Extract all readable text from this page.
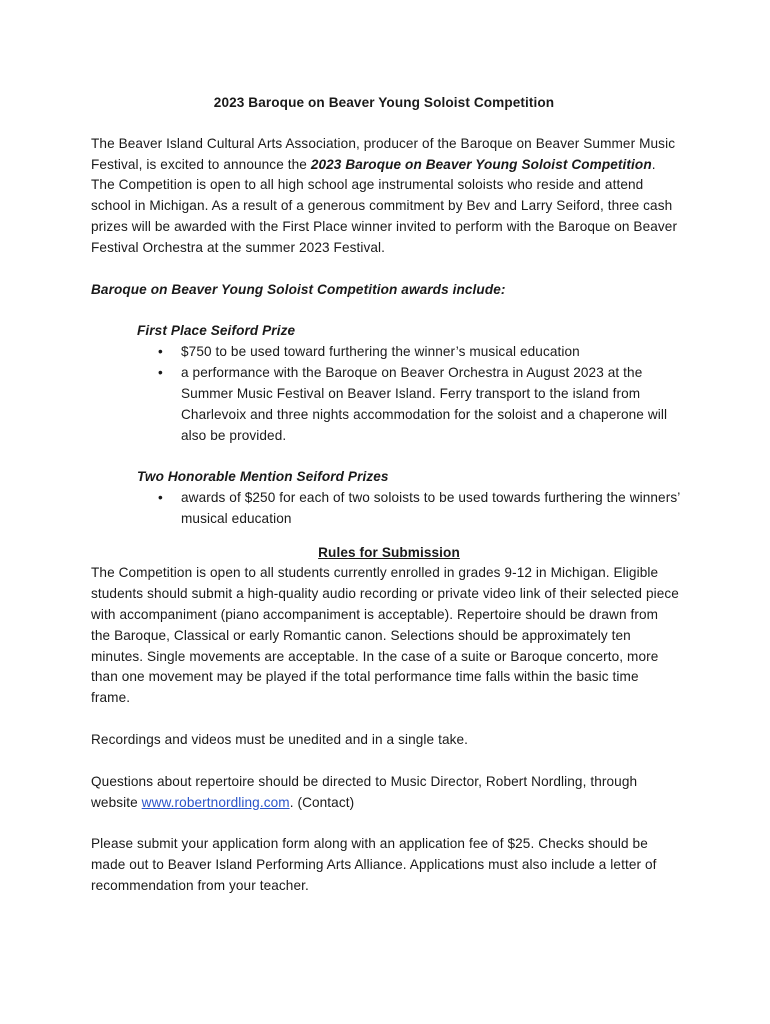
2023 Baroque on Beaver Young Soloist Competition

The Beaver Island Cultural Arts Association, producer of the Baroque on Beaver Summer Music Festival, is excited to announce the 2023 Baroque on Beaver Young Soloist Competition. The Competition is open to all high school age instrumental soloists who reside and attend school in Michigan. As a result of a generous commitment by Bev and Larry Seiford, three cash prizes will be awarded with the First Place winner invited to perform with the Baroque on Beaver Festival Orchestra at the summer 2023 Festival.

Baroque on Beaver Young Soloist Competition awards include:

First Place Seiford Prize

• $750 to be used toward furthering the winner’s musical education
• a performance with the Baroque on Beaver Orchestra in August 2023 at the Summer Music Festival on Beaver Island. Ferry transport to the island from Charlevoix and three nights accommodation for the soloist and a chaperone will also be provided.

Two Honorable Mention Seiford Prizes

• awards of $250 for each of two soloists to be used towards furthering the winners’ musical education

Rules for Submission

The Competition is open to all students currently enrolled in grades 9-12 in Michigan. Eligible students should submit a high-quality audio recording or private video link of their selected piece with accompaniment (piano accompaniment is acceptable). Repertoire should be drawn from the Baroque, Classical or early Romantic canon. Selections should be approximately ten minutes. Single movements are acceptable. In the case of a suite or Baroque concerto, more than one movement may be played if the total performance time falls within the basic time frame.

Recordings and videos must be unedited and in a single take.

Questions about repertoire should be directed to Music Director, Robert Nordling, through website www.robertnordling.com. (Contact)

Please submit your application form along with an application fee of $25. Checks should be made out to Beaver Island Performing Arts Alliance. Applications must also include a letter of recommendation from your teacher.
